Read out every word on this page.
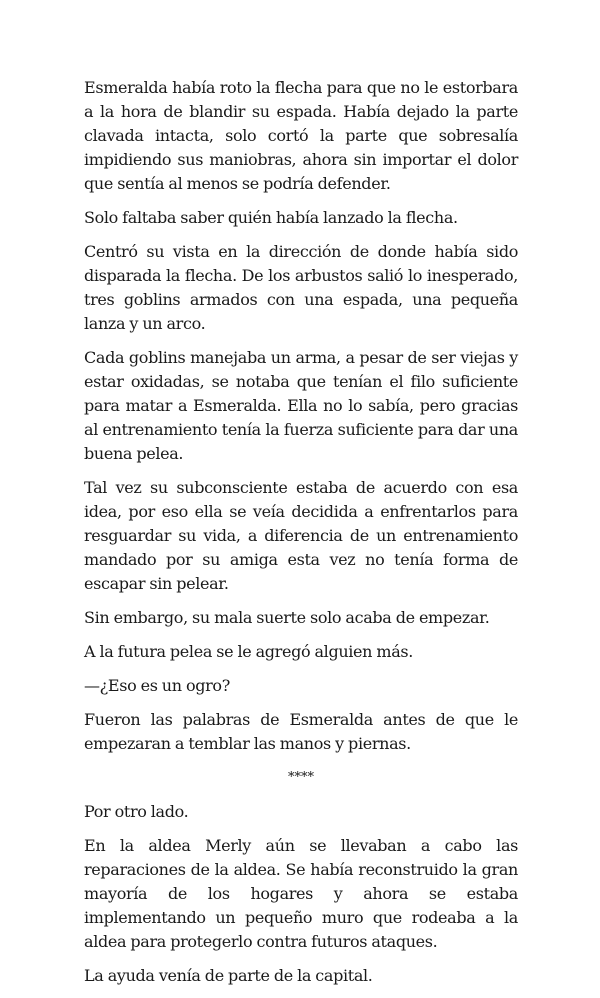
Esmeralda había roto la flecha para que no le estorbara a la hora de blandir su espada. Había dejado la parte clavada intacta, solo cortó la parte que sobresalía impidiendo sus maniobras, ahora sin importar el dolor que sentía al menos se podría defender.

Solo faltaba saber quién había lanzado la flecha.

Centró su vista en la dirección de donde había sido disparada la flecha. De los arbustos salió lo inesperado, tres goblins armados con una espada, una pequeña lanza y un arco.

Cada goblins manejaba un arma, a pesar de ser viejas y estar oxidadas, se notaba que tenían el filo suficiente para matar a Esmeralda. Ella no lo sabía, pero gracias al entrenamiento tenía la fuerza suficiente para dar una buena pelea.

Tal vez su subconsciente estaba de acuerdo con esa idea, por eso ella se veía decidida a enfrentarlos para resguardar su vida, a diferencia de un entrenamiento mandado por su amiga esta vez no tenía forma de escapar sin pelear.

Sin embargo, su mala suerte solo acaba de empezar.

A la futura pelea se le agregó alguien más.

—¿Eso es un ogro?

Fueron las palabras de Esmeralda antes de que le empezaran a temblar las manos y piernas.

****

Por otro lado.

En la aldea Merly aún se llevaban a cabo las reparaciones de la aldea. Se había reconstruido la gran mayoría de los hogares y ahora se estaba implementando un pequeño muro que rodeaba a la aldea para protegerlo contra futuros ataques.

La ayuda venía de parte de la capital.
